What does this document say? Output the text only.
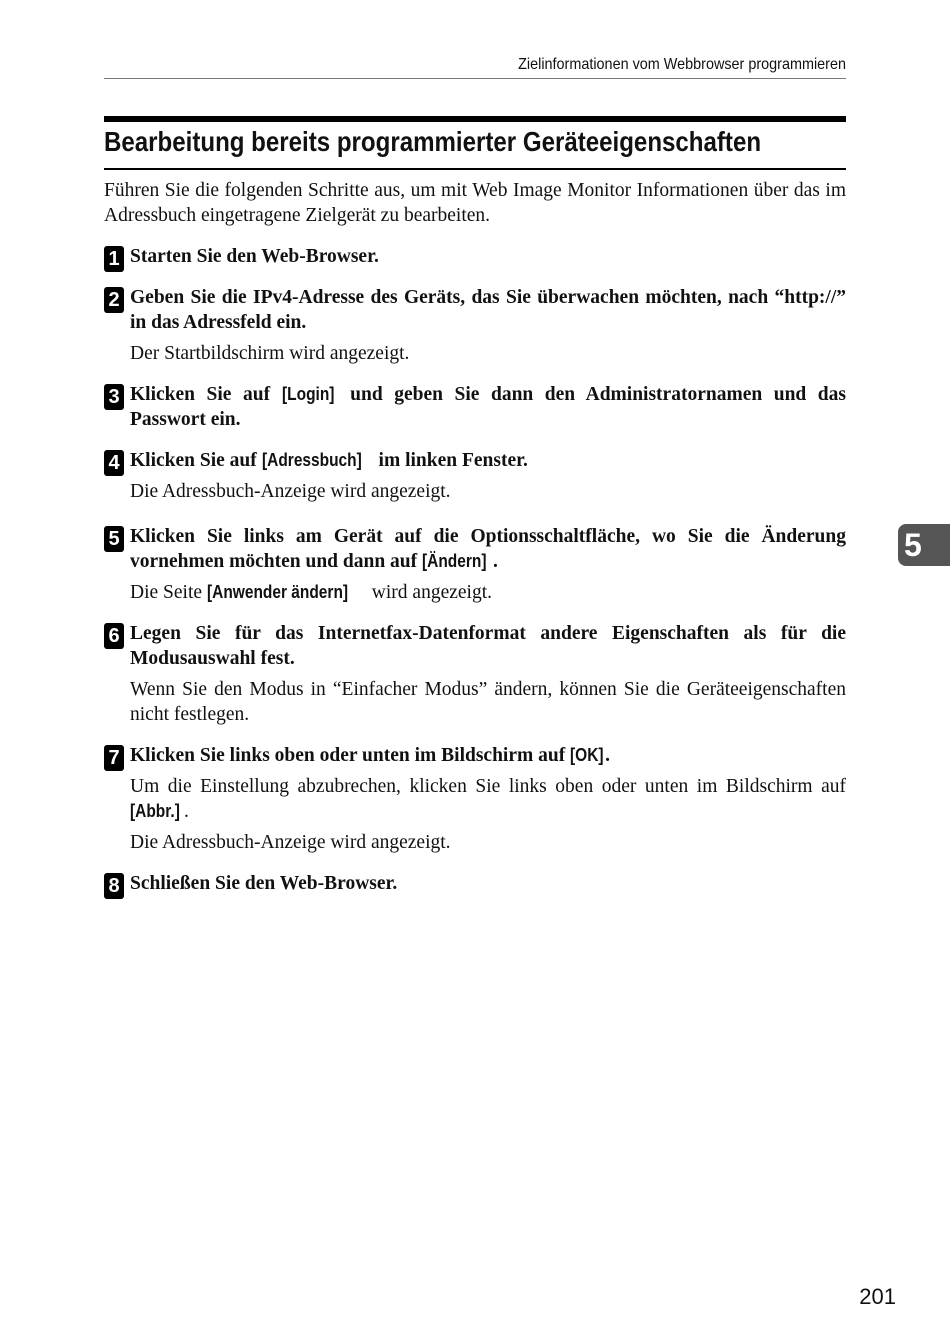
Zielinformationen vom Webbrowser programmieren
Bearbeitung bereits programmierter Geräteeigenschaften

Führen Sie die folgenden Schritte aus, um mit Web Image Monitor Informationen über das im Adressbuch eingetragene Zielgerät zu bearbeiten.

1 Starten Sie den Web-Browser.

2 Geben Sie die IPv4-Adresse des Geräts, das Sie überwachen möchten, nach “http://” in das Adressfeld ein.

Der Startbildschirm wird angezeigt.

3 Klicken Sie auf [Login] und geben Sie dann den Administratornamen und das Passwort ein.

4 Klicken Sie auf [Adressbuch] im linken Fenster.

Die Adressbuch-Anzeige wird angezeigt.

5 Klicken Sie links am Gerät auf die Optionsschaltfläche, wo Sie die Änderung vornehmen möchten und dann auf [Ändern] .

Die Seite [Anwender ändern] wird angezeigt.

6 Legen Sie für das Internetfax-Datenformat andere Eigenschaften als für die Modusauswahl fest.

Wenn Sie den Modus in “Einfacher Modus” ändern, können Sie die Geräteeigenschaften nicht festlegen.

7 Klicken Sie links oben oder unten im Bildschirm auf [OK].

Um die Einstellung abzubrechen, klicken Sie links oben oder unten im Bildschirm auf [Abbr.] .

Die Adressbuch-Anzeige wird angezeigt.

8 Schließen Sie den Web-Browser.

5
201
